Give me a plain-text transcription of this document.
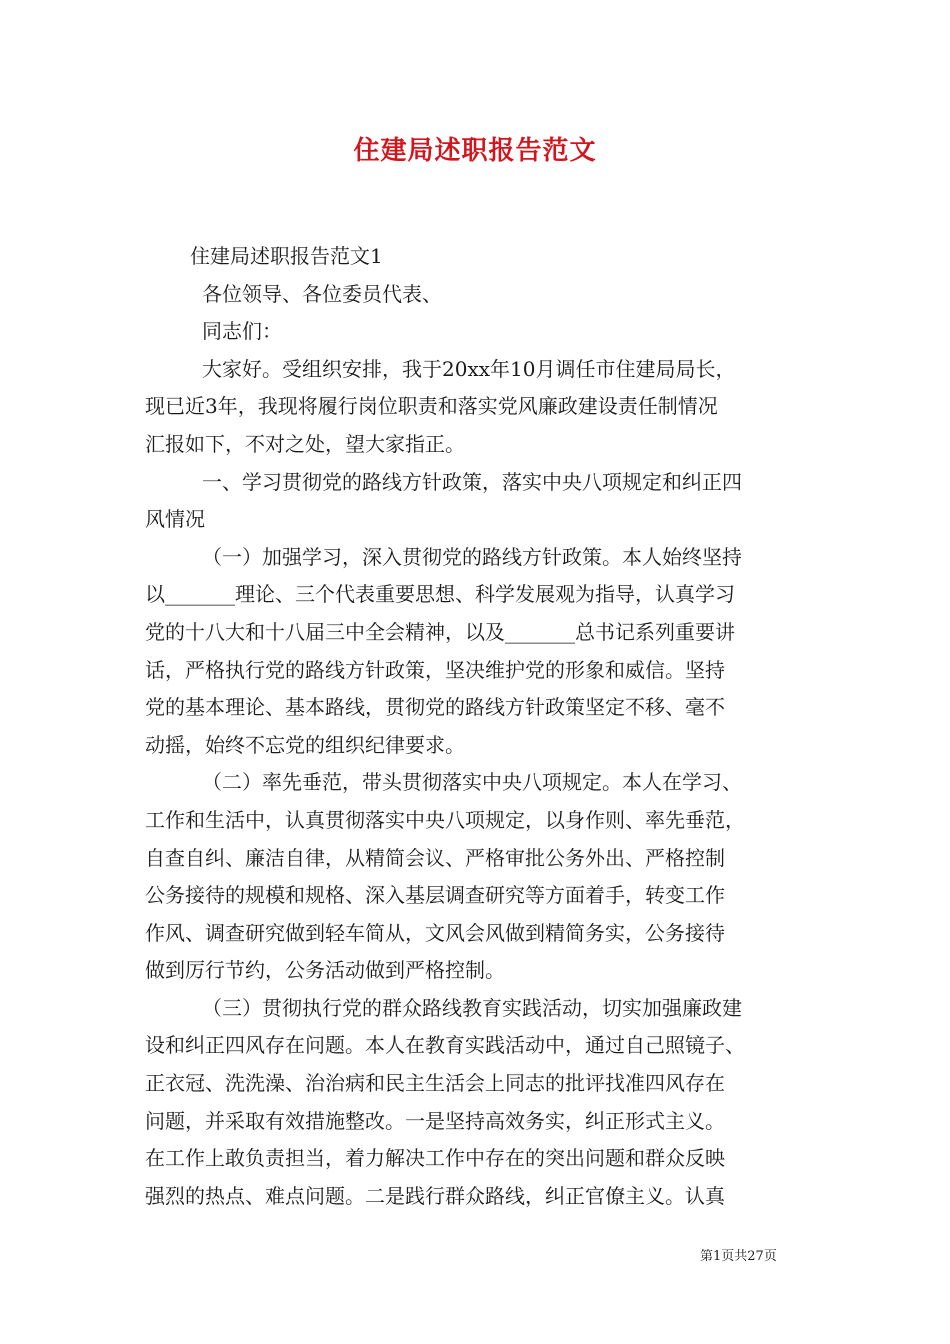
住建局述职报告范文

住建局述职报告范文1

各位领导、各位委员代表、

同志们：

大家好。受组织安排，我于20xx年10月调任市住建局局长，

现已近3年，我现将履行岗位职责和落实党风廉政建设责任制情况

汇报如下，不对之处，望大家指正。

一、学习贯彻党的路线方针政策，落实中央八项规定和纠正四

风情况

（一）加强学习，深入贯彻党的路线方针政策。本人始终坚持

以_______理论、三个代表重要思想、科学发展观为指导，认真学习

党的十八大和十八届三中全会精神，以及_______总书记系列重要讲

话，严格执行党的路线方针政策，坚决维护党的形象和威信。坚持

党的基本理论、基本路线，贯彻党的路线方针政策坚定不移、毫不

动摇，始终不忘党的组织纪律要求。

（二）率先垂范，带头贯彻落实中央八项规定。本人在学习、

工作和生活中，认真贯彻落实中央八项规定，以身作则、率先垂范，

自查自纠、廉洁自律，从精简会议、严格审批公务外出、严格控制

公务接待的规模和规格、深入基层调查研究等方面着手，转变工作

作风、调查研究做到轻车简从，文风会风做到精简务实，公务接待

做到厉行节约，公务活动做到严格控制。

（三）贯彻执行党的群众路线教育实践活动，切实加强廉政建

设和纠正四风存在问题。本人在教育实践活动中，通过自己照镜子、

正衣冠、洗洗澡、治治病和民主生活会上同志的批评找准四风存在

问题，并采取有效措施整改。一是坚持高效务实，纠正形式主义。

在工作上敢负责担当，着力解决工作中存在的突出问题和群众反映

强烈的热点、难点问题。二是践行群众路线，纠正官僚主义。认真

第1页共27页
